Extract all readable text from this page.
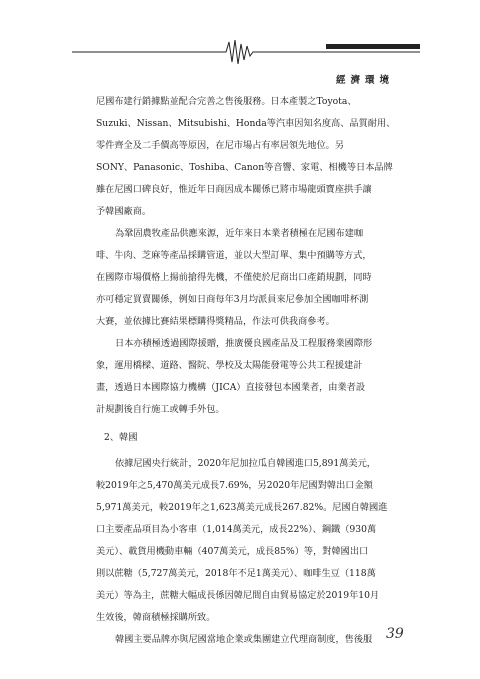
經濟環境
尼國布建行銷據點並配合完善之售後服務。日本產製之Toyota、
Suzuki、Nissan、Mitsubishi、Honda等汽車因知名度高、品質耐用、
零件齊全及二手價高等原因，在尼市場占有率居領先地位。另
SONY、Panasonic、Toshiba、Canon等音響、家電、相機等日本品牌
雖在尼國口碑良好，惟近年日商因成本關係已將市場龍頭寶座拱手讓
予韓國廠商。
為鞏固農牧產品供應來源，近年來日本業者積極在尼國布建咖
啡、牛肉、芝麻等產品採購管道，並以大型訂單、集中預購等方式，
在國際市場價格上揚前搶得先機，不僅使於尼商出口產銷規劃，同時
亦可穩定買賣關係，例如日商每年3月均派員來尼參加全國咖啡杯測
大賽，並依據比賽結果標購得獎精品，作法可供我商參考。
日本亦積極透過國際援贈，推廣優良國產品及工程服務業國際形
象，運用橋樑、道路、醫院、學校及太陽能發電等公共工程援建計
畫，透過日本國際協力機構（JICA）直接發包本國業者，由業者設
計規劃後自行施工或轉手外包。
2、韓國
依據尼國央行統計，2020年尼加拉瓜自韓國進口5,891萬美元，
較2019年之5,470萬美元成長7.69%，另2020年尼國對韓出口金額
5,971萬美元，較2019年之1,623萬美元成長267.82%。尼國自韓國進
口主要產品項目為小客車（1,014萬美元，成長22%）、鋼鐵（930萬
美元）、載貨用機動車輛（407萬美元，成長85%）等，對韓國出口
則以蔗糖（5,727萬美元，2018年不足1萬美元）、咖啡生豆（118萬
美元）等為主，蔗糖大幅成長係因韓尼間自由貿易協定於2019年10月
生效後，韓商積極採購所致。
韓國主要品牌亦與尼國當地企業或集團建立代理商制度，售後服 39
